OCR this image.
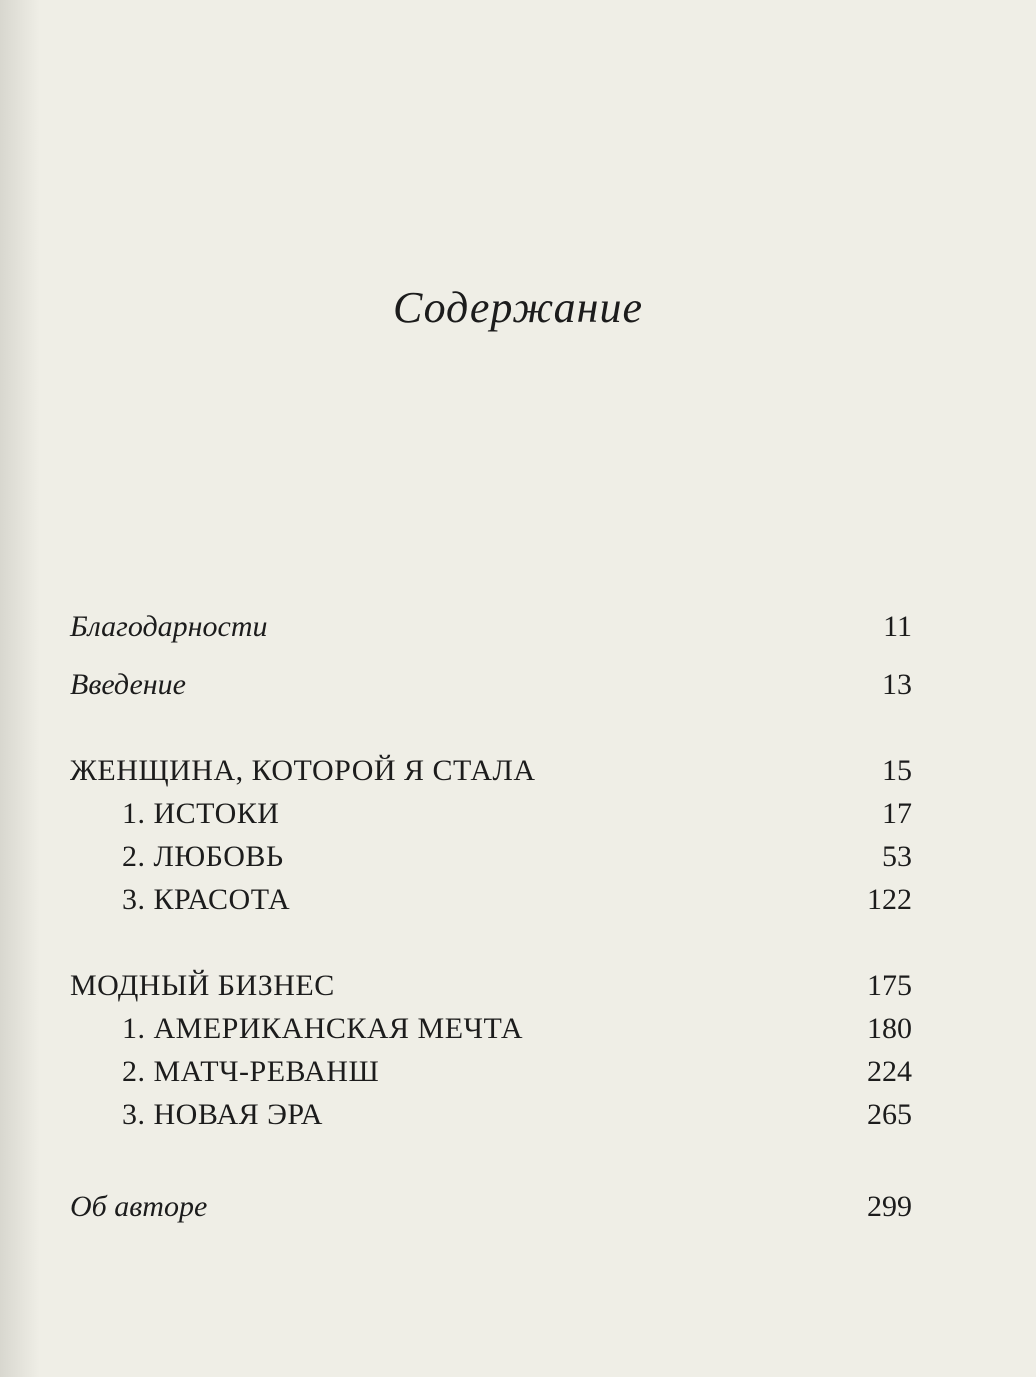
Содержание
Благодарности	11
Введение	13
ЖЕНЩИНА, КОТОРОЙ Я СТАЛА	15
1. ИСТОКИ	17
2. ЛЮБОВЬ	53
3. КРАСОТА	122
МОДНЫЙ БИЗНЕС	175
1. АМЕРИКАНСКАЯ МЕЧТА	180
2. МАТЧ-РЕВАНШ	224
3. НОВАЯ ЭРА	265
Об авторе	299
